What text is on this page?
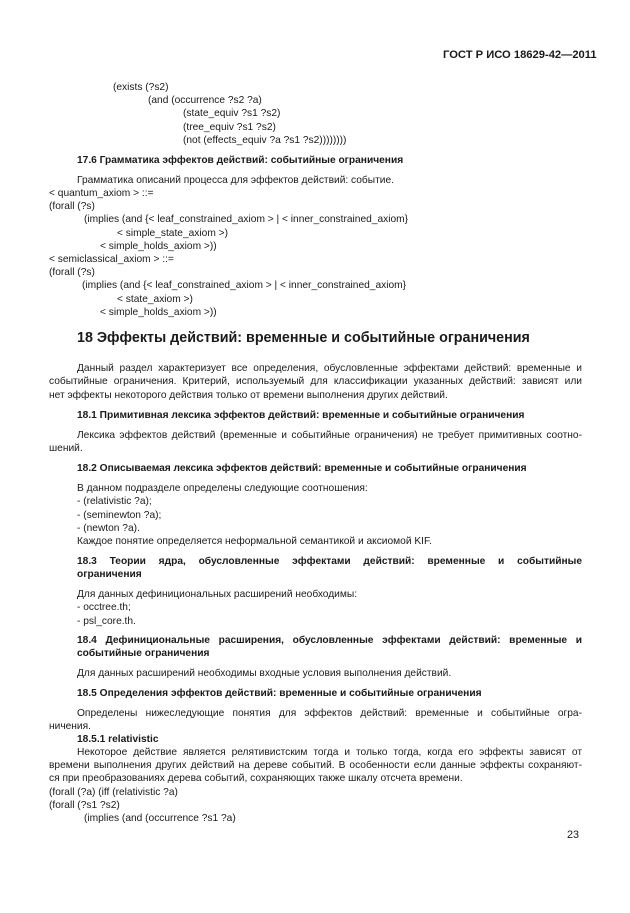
ГОСТ Р ИСО 18629-42—2011
(exists (?s2)
(and (occurrence ?s2 ?a)
(state_equiv ?s1 ?s2)
(tree_equiv ?s1 ?s2)
(not (effects_equiv ?a ?s1 ?s2))))))))
17.6 Грамматика эффектов действий: событийные ограничения
Грамматика описаний процесса для эффектов действий: событие.
< quantum_axiom > ::=
(forall (?s)
(implies (and {< leaf_constrained_axiom > | < inner_constrained_axiom}
< simple_state_axiom >)
< simple_holds_axiom >))
< semiclassical_axiom > ::=
(forall (?s)
(implies (and {< leaf_constrained_axiom > | < inner_constrained_axiom}
< state_axiom >)
< simple_holds_axiom >))
18 Эффекты действий: временные и событийные ограничения
Данный раздел характеризует все определения, обусловленные эффектами действий: временные и
событийные ограничения. Критерий, используемый для классификации указанных действий: зависят или
нет эффекты некоторого действия только от времени выполнения других действий.
18.1 Примитивная лексика эффектов действий: временные и событийные ограничения
Лексика эффектов действий (временные и событийные ограничения) не требует примитивных соотно-
шений.
18.2 Описываемая лексика эффектов действий: временные и событийные ограничения
В данном подразделе определены следующие соотношения:
- (relativistic ?a);
- (seminewton ?a);
- (newton ?a).
Каждое понятие определяется неформальной семантикой и аксиомой KIF.
18.3 Теории ядра, обусловленные эффектами действий: временные и событийные
ограничения
Для данных дефинициональных расширений необходимы:
- occtree.th;
- psl_core.th.
18.4 Дефинициональные расширения, обусловленные эффектами действий: временные и
событийные ограничения
Для данных расширений необходимы входные условия выполнения действий.
18.5 Определения эффектов действий: временные и событийные ограничения
Определены нижеследующие понятия для эффектов действий: временные и событийные огра-
ничения.
18.5.1 relativistic
Некоторое действие является релятивистским тогда и только тогда, когда его эффекты зависят от
времени выполнения других действий на дереве событий. В особенности если данные эффекты сохраняют-
ся при преобразованиях дерева событий, сохраняющих также шкалу отсчета времени.
(forall (?a) (iff (relativistic ?a)
(forall (?s1 ?s2)
(implies (and (occurrence ?s1 ?a)
23
